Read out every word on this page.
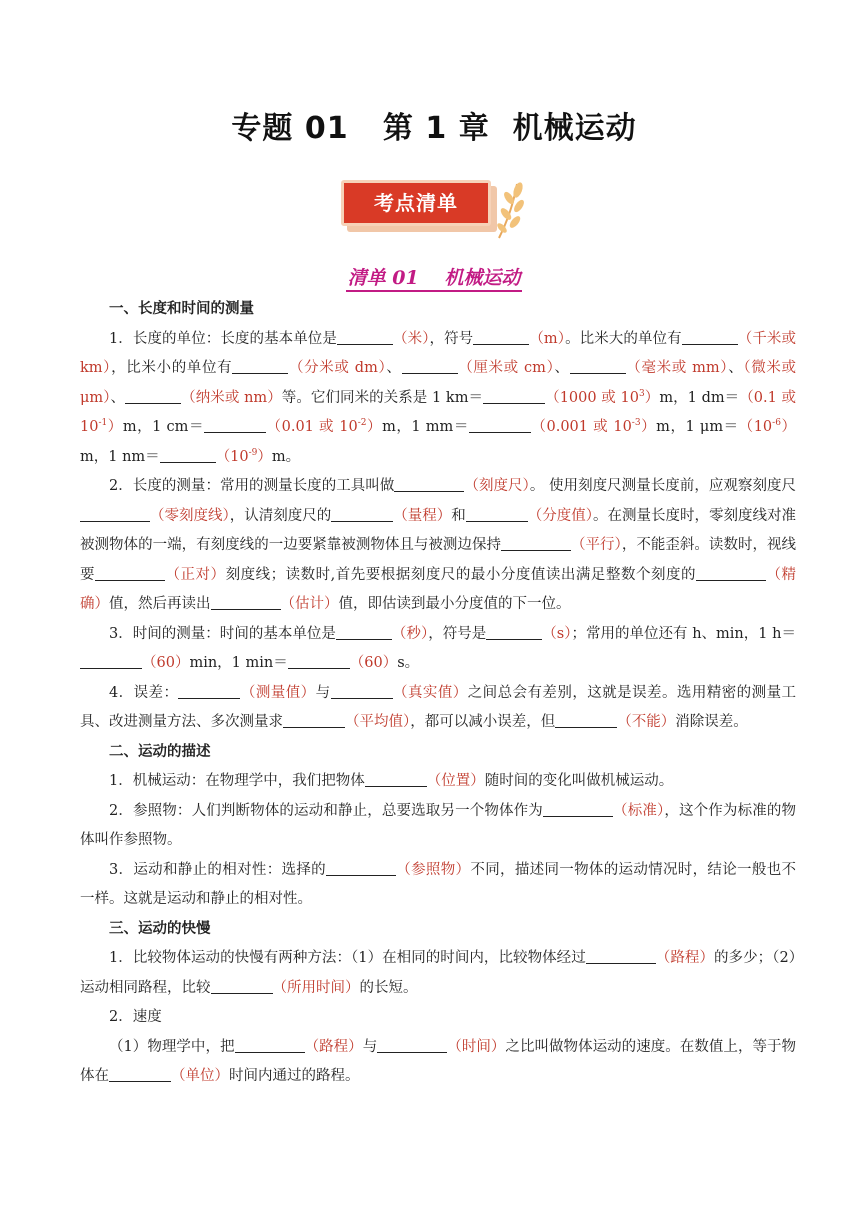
专题 01   第 1 章  机械运动
考点清单
清单 01　 机械运动

一、长度和时间的测量

1．长度的单位：长度的基本单位是	（米），符号	（m）。比米大的单位有	（千米或 km），比米小的单位有	（分米或 dm）、	（厘米或 cm）、	（毫米或 mm）、（微米或 μm）、	（纳米或 nm）等。它们同米的关系是 1 km＝	（1000 或 $10^3)m$，1 dm＝（0.1 或 $10^{-1})m$，1 cm＝	（0.01 或 $10^{-2})m$，1 mm＝	（0.001 或 $10^{-3})m$，1 $\mu m=(10^{-6})m$，1 nm＝	$(10^{-9})m$。

2．长度的测量：常用的测量长度的工具叫做	（刻度尺）。 使用刻度尺测量长度前，应观察刻度尺（零刻度线），认清刻度尺的	（量程）和	（分度值）。在测量长度时，零刻度线对准被测物体的一端，有刻度线的一边要紧靠被测物体且与被测边保持	（平行），不能歪斜。读数时，视线要	（正对）刻度线；读数时,首先要根据刻度尺的最小分度值读出满足整数个刻度的	（精确）值，然后再读出	（估计）值，即估读到最小分度值的下一位。

3．时间的测量：时间的基本单位是	（秒），符号是	（s）；常用的单位还有 h、min，1 h＝（60）min，1 min＝	（60）s。

4．误差：	（测量值）与	（真实值）之间总会有差别，这就是误差。选用精密的测量工具、改进测量方法、多次测量求	（平均值），都可以减小误差，但	（不能）消除误差。

二、运动的描述

1．机械运动：在物理学中，我们把物体	（位置）随时间的变化叫做机械运动。

2．参照物：人们判断物体的运动和静止，总要选取另一个物体作为	（标准），这个作为标准的物体叫作参照物。

3．运动和静止的相对性：选择的	（参照物）不同，描述同一物体的运动情况时，结论一般也不一样。这就是运动和静止的相对性。

三、运动的快慢

1．比较物体运动的快慢有两种方法：（1）在相同的时间内，比较物体经过	（路程）的多少；（2）运动相同路程，比较	（所用时间）的长短。

2．速度

（1）物理学中，把	（路程）与	（时间）之比叫做物体运动的速度。在数值上，等于物体在	（单位）时间内通过的路程。
